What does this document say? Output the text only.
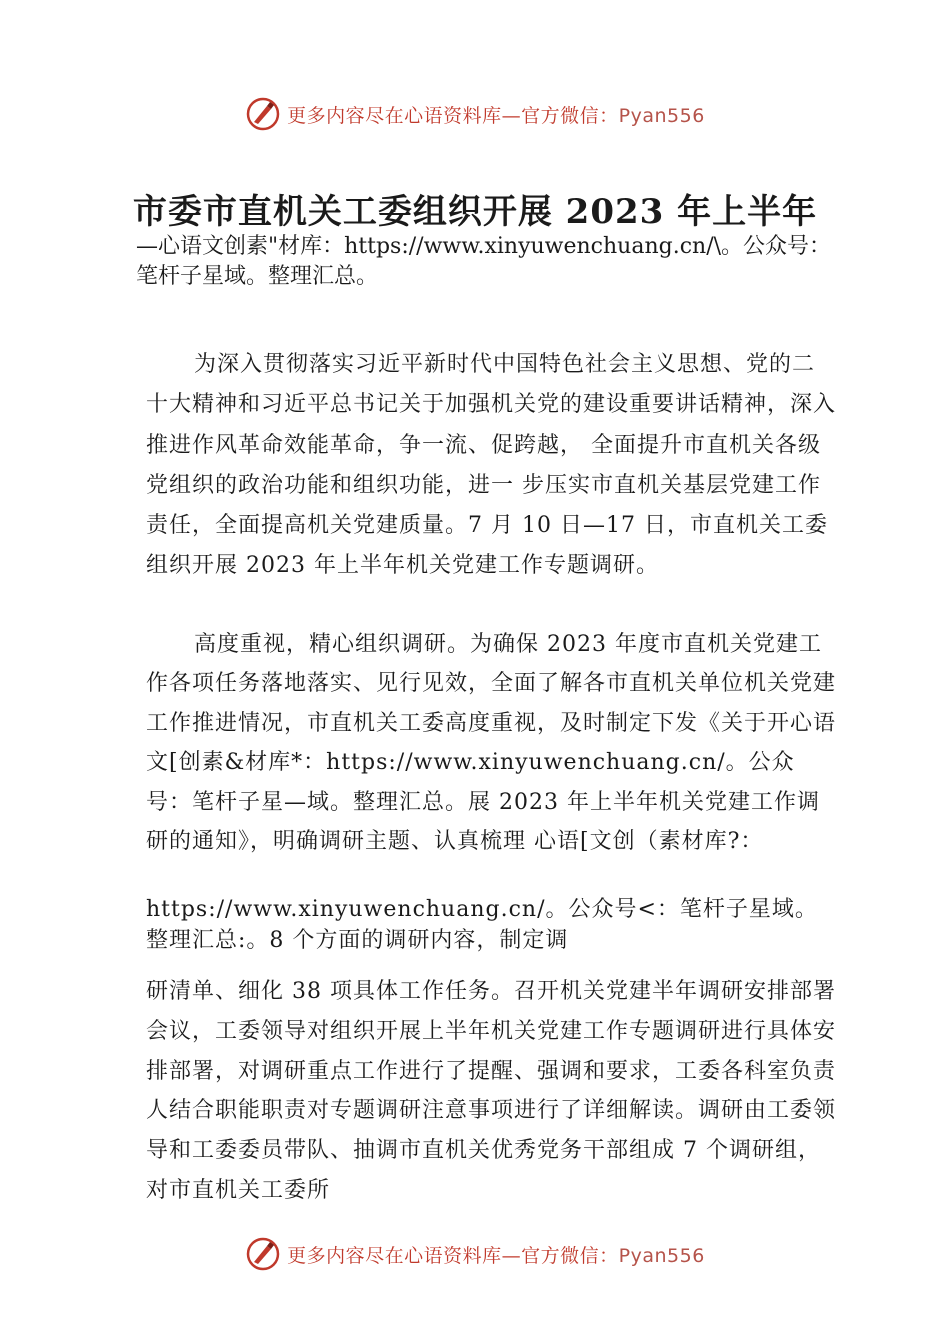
更多内容尽在心语资料库—官方微信：Pyan556
市委市直机关工委组织开展 2023 年上半年
—心语文创素"材库：https://www.xinyuwenchuang.cn/\。公众号：笔杆子星域。整理汇总。
为深入贯彻落实习近平新时代中国特色社会主义思想、党的二十大精神和习近平总书记关于加强机关党的建设重要讲话精神，深入推进作风革命效能革命，争一流、促跨越， 全面提升市直机关各级党组织的政治功能和组织功能，进一 步压实市直机关基层党建工作责任，全面提高机关党建质量。7 月 10 日—17 日，市直机关工委组织开展 2023 年上半年机关党建工作专题调研。
高度重视，精心组织调研。为确保 2023 年度市直机关党建工作各项任务落地落实、见行见效，全面了解各市直机关单位机关党建工作推进情况，市直机关工委高度重视，及时制定下发《关于开心语文[创素&材库*：https://www.xinyuwenchuang.cn/。公众号：笔杆子星—域。整理汇总。展 2023 年上半年机关党建工作调研的通知》，明确调研主题、认真梳理 心语[文创（素材库?：
https://www.xinyuwenchuang.cn/。公众号<：笔杆子星域。整理汇总:。8 个方面的调研内容，制定调
研清单、细化 38 项具体工作任务。召开机关党建半年调研安排部署会议，工委领导对组织开展上半年机关党建工作专题调研进行具体安排部署，对调研重点工作进行了提醒、强调和要求，工委各科室负责人结合职能职责对专题调研注意事项进行了详细解读。调研由工委领导和工委委员带队、抽调市直机关优秀党务干部组成 7 个调研组，对市直机关工委所
更多内容尽在心语资料库—官方微信：Pyan556
